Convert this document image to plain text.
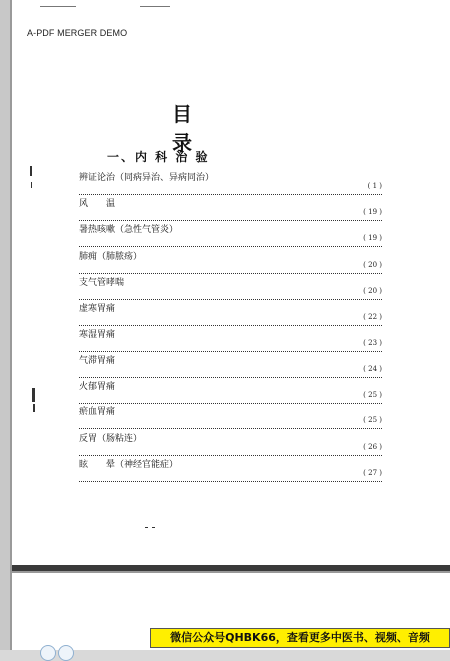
A-PDF MERGER DEMO
目 录
一、内 科 治 验
辨证论治（同病异治、异病同治）
( 1 )
风　　温
( 19 )
暑热咳嗽（急性气管炎）
( 19 )
肺痈（肺脓疡）
( 20 )
支气管哮喘
( 20 )
虚寒胃痛
( 22 )
寒湿胃痛
( 23 )
气滞胃痛
( 24 )
火郁胃痛
( 25 )
瘀血胃痛
( 25 )
反胃（肠粘连）
( 26 )
眩　　晕（神经官能症）
( 27 )
微信公众号QHBK66，查看更多中医书、视频、音频
